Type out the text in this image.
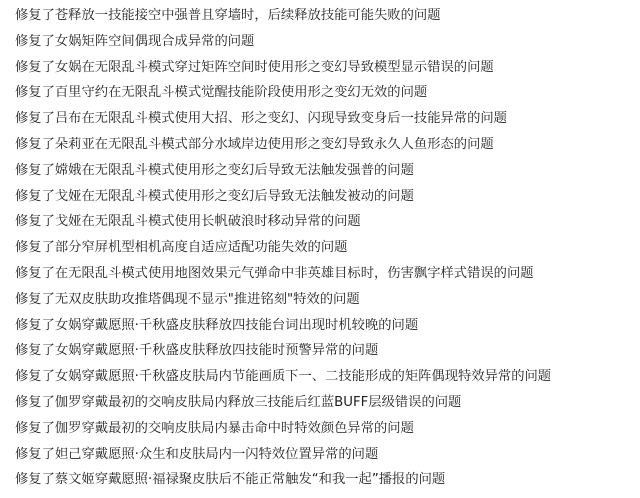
修复了苍释放一技能接空中强普且穿墙时，后续释放技能可能失败的问题
修复了女娲矩阵空间偶现合成异常的问题
修复了女娲在无限乱斗模式穿过矩阵空间时使用形之变幻导致模型显示错误的问题
修复了百里守约在无限乱斗模式觉醒技能阶段使用形之变幻无效的问题
修复了吕布在无限乱斗模式使用大招、形之变幻、闪现导致变身后一技能异常的问题
修复了朵莉亚在无限乱斗模式部分水域岸边使用形之变幻导致永久人鱼形态的问题
修复了嫦娥在无限乱斗模式使用形之变幻后导致无法触发强普的问题
修复了戈娅在无限乱斗模式使用形之变幻后导致无法触发被动的问题
修复了戈娅在无限乱斗模式使用长帆破浪时移动异常的问题
修复了部分窄屏机型相机高度自适应适配功能失效的问题
修复了在无限乱斗模式使用地图效果元气弹命中非英雄目标时，伤害飘字样式错误的问题
修复了无双皮肤助攻推塔偶现不显示"推进铭刻"特效的问题
修复了女娲穿戴愿照·千秋盛皮肤释放四技能台词出现时机较晚的问题
修复了女娲穿戴愿照·千秋盛皮肤释放四技能时预警异常的问题
修复了女娲穿戴愿照·千秋盛皮肤局内节能画质下一、二技能形成的矩阵偶现特效异常的问题
修复了伽罗穿戴最初的交响皮肤局内释放三技能后红蓝BUFF层级错误的问题
修复了伽罗穿戴最初的交响皮肤局内暴击命中时特效颜色异常的问题
修复了妲己穿戴愿照·众生和皮肤局内一闪特效位置异常的问题
修复了蔡文姬穿戴愿照·福禄聚皮肤后不能正常触发“和我一起”播报的问题
